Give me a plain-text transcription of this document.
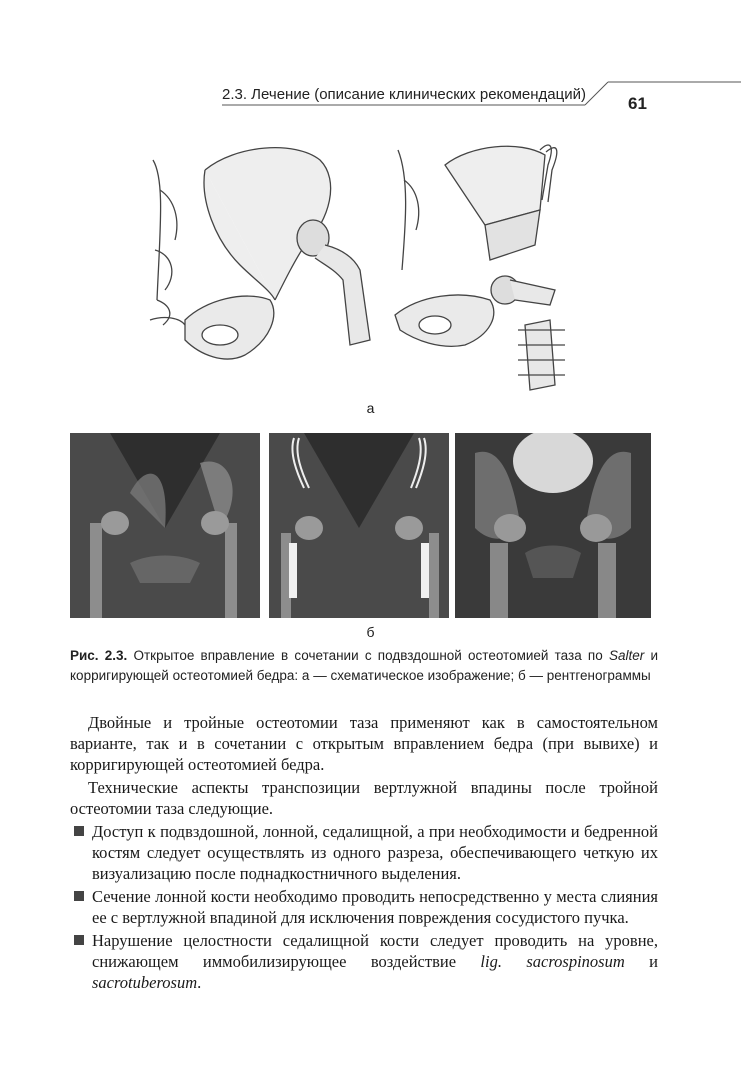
2.3. Лечение (описание клинических рекомендаций) 61
а
б
Рис. 2.3. Открытое вправление в сочетании с подвздошной остеотомией таза по Salter и корригирующей остеотомией бедра: а — схематическое изображение; б — рентгенограммы

Двойные и тройные остеотомии таза применяют как в самостоятельном варианте, так и в сочетании с открытым вправлением бедра (при вывихе) и корригирующей остеотомией бедра.

Технические аспекты транспозиции вертлужной впадины после тройной остеотомии таза следующие.

Доступ к подвздошной, лонной, седалищной, а при необходимости и бедренной костям следует осуществлять из одного разреза, обеспечивающего четкую их визуализацию после поднадкостничного выделения.
Сечение лонной кости необходимо проводить непосредственно у места слияния ее с вертлужной впадиной для исключения повреждения сосудистого пучка.
Нарушение целостности седалищной кости следует проводить на уровне, снижающем иммобилизирующее воздействие lig. sacrospinosum и sacrotuberosum.
